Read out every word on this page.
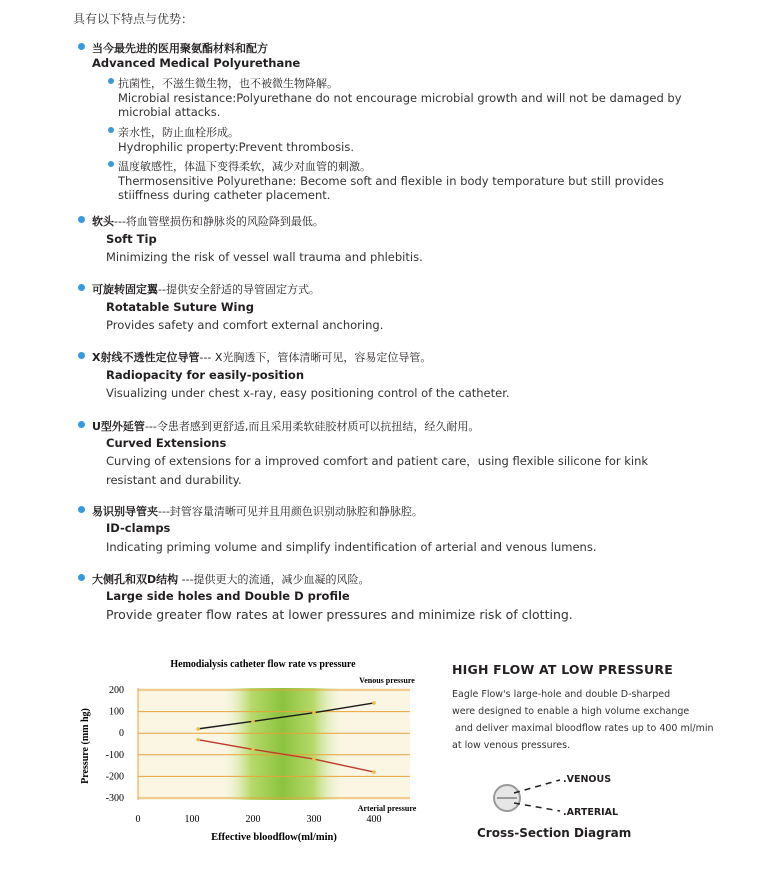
具有以下特点与优势：
当今最先进的医用聚氨酯材料和配方
Advanced Medical Polyurethane
抗菌性，不滋生微生物，也不被微生物降解。
Microbial resistance:Polyurethane do not encourage microbial growth and will not be damaged by microbial attacks.
亲水性，防止血栓形成。
Hydrophilic property:Prevent thrombosis.
温度敏感性，体温下变得柔软，减少对血管的刺激。
Thermosensitive Polyurethane: Become soft and flexible in body temporature but still provides stiiffness during catheter placement.
软头---将血管壁损伤和静脉炎的风险降到最低。
Soft Tip
Minimizing the risk of vessel wall trauma and phlebitis.
可旋转固定翼--提供安全舒适的导管固定方式。
Rotatable Suture Wing
Provides safety and comfort external anchoring.
X射线不透性定位导管--- X光胸透下，管体清晰可见，容易定位导管。
Radiopacity for easily-position
Visualizing under chest x-ray, easy positioning control of the catheter.
U型外延管---令患者感到更舒适,而且采用柔软硅胶材质可以抗扭结，经久耐用。
Curved Extensions
Curving of extensions for a improved comfort and patient care，using flexible silicone for kink resistant and durability.
易识别导管夹---封管容量清晰可见并且用颜色识别动脉腔和静脉腔。
ID-clamps
Indicating priming volume and simplify indentification of arterial and venous lumens.
大侧孔和双D结构 ---提供更大的流通，减少血凝的风险。
Large side holes and Double D profile
Provide greater flow rates at lower pressures and minimize risk of clotting.
200
100
0
-100
-200
-300
0	100	200	300	400
Hemodialysis catheter flow rate vs pressure
Pressure (mm hg)
Effective bloodflow(ml/min)
Venous pressure
Arterial pressure
HIGH FLOW AT LOW PRESSURE
Eagle Flow's large-hole and double D-sharped
were designed to enable a high volume exchange
and deliver maximal bloodflow rates up to 400 ml/min
at low venous pressures.
.VENOUS
.ARTERIAL
Cross-Section Diagram
